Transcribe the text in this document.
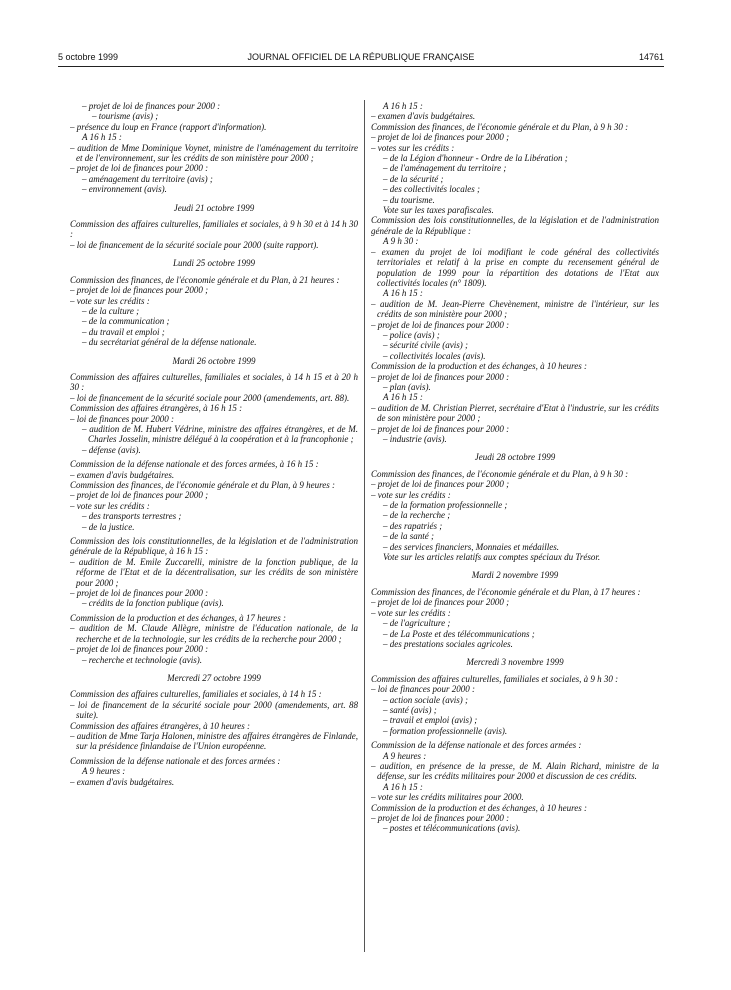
5 octobre 1999	JOURNAL OFFICIEL DE LA RÉPUBLIQUE FRANÇAISE	14761
– projet de loi de finances pour 2000 :
– tourisme (avis) ;
– présence du loup en France (rapport d'information).
A 16 h 15 :
– audition de Mme Dominique Voynet, ministre de l'aménagement du territoire et de l'environnement, sur les crédits de son ministère pour 2000 ;
– projet de loi de finances pour 2000 :
– aménagement du territoire (avis) ;
– environnement (avis).
Jeudi 21 octobre 1999
Commission des affaires culturelles, familiales et sociales, à 9 h 30 et à 14 h 30 :
– loi de financement de la sécurité sociale pour 2000 (suite rapport).
Lundi 25 octobre 1999
Commission des finances, de l'économie générale et du Plan, à 21 heures :
– projet de loi de finances pour 2000 ;
– vote sur les crédits :
– de la culture ;
– de la communication ;
– du travail et emploi ;
– du secrétariat général de la défense nationale.
Mardi 26 octobre 1999
Commission des affaires culturelles, familiales et sociales, à 14 h 15 et à 20 h 30 :
– loi de financement de la sécurité sociale pour 2000 (amendements, art. 88).
Commission des affaires étrangères, à 16 h 15 :
– loi de finances pour 2000 :
– audition de M. Hubert Védrine, ministre des affaires étrangères, et de M. Charles Josselin, ministre délégué à la coopération et à la francophonie ;
– défense (avis).
Commission de la défense nationale et des forces armées, à 16 h 15 :
– examen d'avis budgétaires.
Commission des finances, de l'économie générale et du Plan, à 9 heures :
– projet de loi de finances pour 2000 ;
– vote sur les crédits :
– des transports terrestres ;
– de la justice.
Commission des lois constitutionnelles, de la législation et de l'administration générale de la République, à 16 h 15 :
– audition de M. Emile Zuccarelli, ministre de la fonction publique, de la réforme de l'Etat et de la décentralisation, sur les crédits de son ministère pour 2000 ;
– projet de loi de finances pour 2000 :
– crédits de la fonction publique (avis).
Commission de la production et des échanges, à 17 heures :
– audition de M. Claude Allègre, ministre de l'éducation nationale, de la recherche et de la technologie, sur les crédits de la recherche pour 2000 ;
– projet de loi de finances pour 2000 :
– recherche et technologie (avis).
Mercredi 27 octobre 1999
Commission des affaires culturelles, familiales et sociales, à 14 h 15 :
– loi de financement de la sécurité sociale pour 2000 (amendements, art. 88 suite).
Commission des affaires étrangères, à 10 heures :
– audition de Mme Tarja Halonen, ministre des affaires étrangères de Finlande, sur la présidence finlandaise de l'Union européenne.
Commission de la défense nationale et des forces armées :
A 9 heures :
– examen d'avis budgétaires.
A 16 h 15 :
– examen d'avis budgétaires.
Commission des finances, de l'économie générale et du Plan, à 9 h 30 :
– projet de loi de finances pour 2000 ;
– votes sur les crédits :
– de la Légion d'honneur - Ordre de la Libération ;
– de l'aménagement du territoire ;
– de la sécurité ;
– des collectivités locales ;
– du tourisme.
Vote sur les taxes parafiscales.
Commission des lois constitutionnelles, de la législation et de l'administration générale de la République :
A 9 h 30 :
– examen du projet de loi modifiant le code général des collectivités territoriales et relatif à la prise en compte du recensement général de population de 1999 pour la répartition des dotations de l'Etat aux collectivités locales (n° 1809).
A 16 h 15 :
– audition de M. Jean-Pierre Chevènement, ministre de l'intérieur, sur les crédits de son ministère pour 2000 ;
– projet de loi de finances pour 2000 :
– police (avis) ;
– sécurité civile (avis) ;
– collectivités locales (avis).
Commission de la production et des échanges, à 10 heures :
– projet de loi de finances pour 2000 :
– plan (avis).
A 16 h 15 :
– audition de M. Christian Pierret, secrétaire d'Etat à l'industrie, sur les crédits de son ministère pour 2000 ;
– projet de loi de finances pour 2000 :
– industrie (avis).
Jeudi 28 octobre 1999
Commission des finances, de l'économie générale et du Plan, à 9 h 30 :
– projet de loi de finances pour 2000 ;
– vote sur les crédits :
– de la formation professionnelle ;
– de la recherche ;
– des rapatriés ;
– de la santé ;
– des services financiers, Monnaies et médailles.
Vote sur les articles relatifs aux comptes spéciaux du Trésor.
Mardi 2 novembre 1999
Commission des finances, de l'économie générale et du Plan, à 17 heures :
– projet de loi de finances pour 2000 ;
– vote sur les crédits :
– de l'agriculture ;
– de La Poste et des télécommunications ;
– des prestations sociales agricoles.
Mercredi 3 novembre 1999
Commission des affaires culturelles, familiales et sociales, à 9 h 30 :
– loi de finances pour 2000 :
– action sociale (avis) ;
– santé (avis) ;
– travail et emploi (avis) ;
– formation professionnelle (avis).
Commission de la défense nationale et des forces armées :
A 9 heures :
– audition, en présence de la presse, de M. Alain Richard, ministre de la défense, sur les crédits militaires pour 2000 et discussion de ces crédits.
A 16 h 15 :
– vote sur les crédits militaires pour 2000.
Commission de la production et des échanges, à 10 heures :
– projet de loi de finances pour 2000 :
– postes et télécommunications (avis).
